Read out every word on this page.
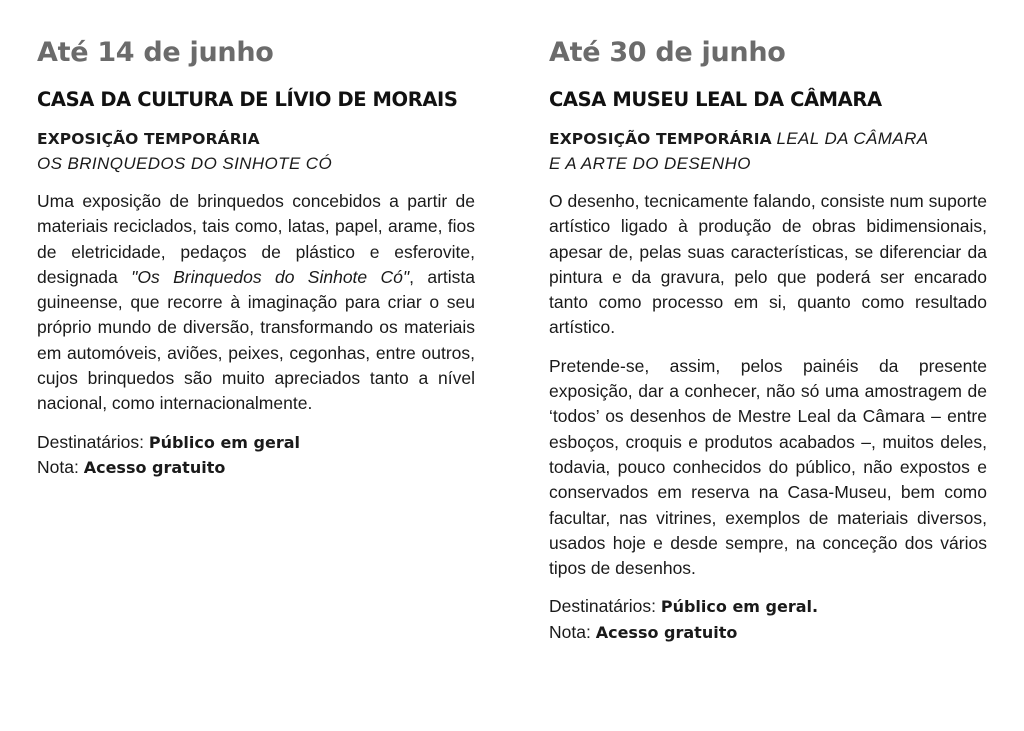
Até 14 de junho
CASA DA CULTURA DE LÍVIO DE MORAIS
EXPOSIÇÃO TEMPORÁRIA
OS BRINQUEDOS DO SINHOTE CÓ

Uma exposição de brinquedos concebidos a partir de materiais reciclados, tais como, latas, papel, arame, fios de eletricidade, pedaços de plástico e esferovite, designada "Os Brinquedos do Sinhote Có", artista guineense, que recorre à imaginação para criar o seu próprio mundo de diversão, transformando os materiais em automóveis, aviões, peixes, cegonhas, entre outros, cujos brinquedos são muito apreciados tanto a nível nacional, como internacionalmente.

Destinatários: Público em geral
Nota: Acesso gratuito
Até 30 de junho
CASA MUSEU LEAL DA CÂMARA
EXPOSIÇÃO TEMPORÁRIA LEAL DA CÂMARA
E A ARTE DO DESENHO

O desenho, tecnicamente falando, consiste num suporte artístico ligado à produção de obras bidimensionais, apesar de, pelas suas características, se diferenciar da pintura e da gravura, pelo que poderá ser encarado tanto como processo em si, quanto como resultado artístico.

Pretende-se, assim, pelos painéis da presente exposição, dar a conhecer, não só uma amostragem de ‘todos’ os desenhos de Mestre Leal da Câmara – entre esboços, croquis e produtos acabados –, muitos deles, todavia, pouco conhecidos do público, não expostos e conservados em reserva na Casa-Museu, bem como facultar, nas vitrines, exemplos de materiais diversos, usados hoje e desde sempre, na conceção dos vários tipos de desenhos.

Destinatários: Público em geral.
Nota: Acesso gratuito
